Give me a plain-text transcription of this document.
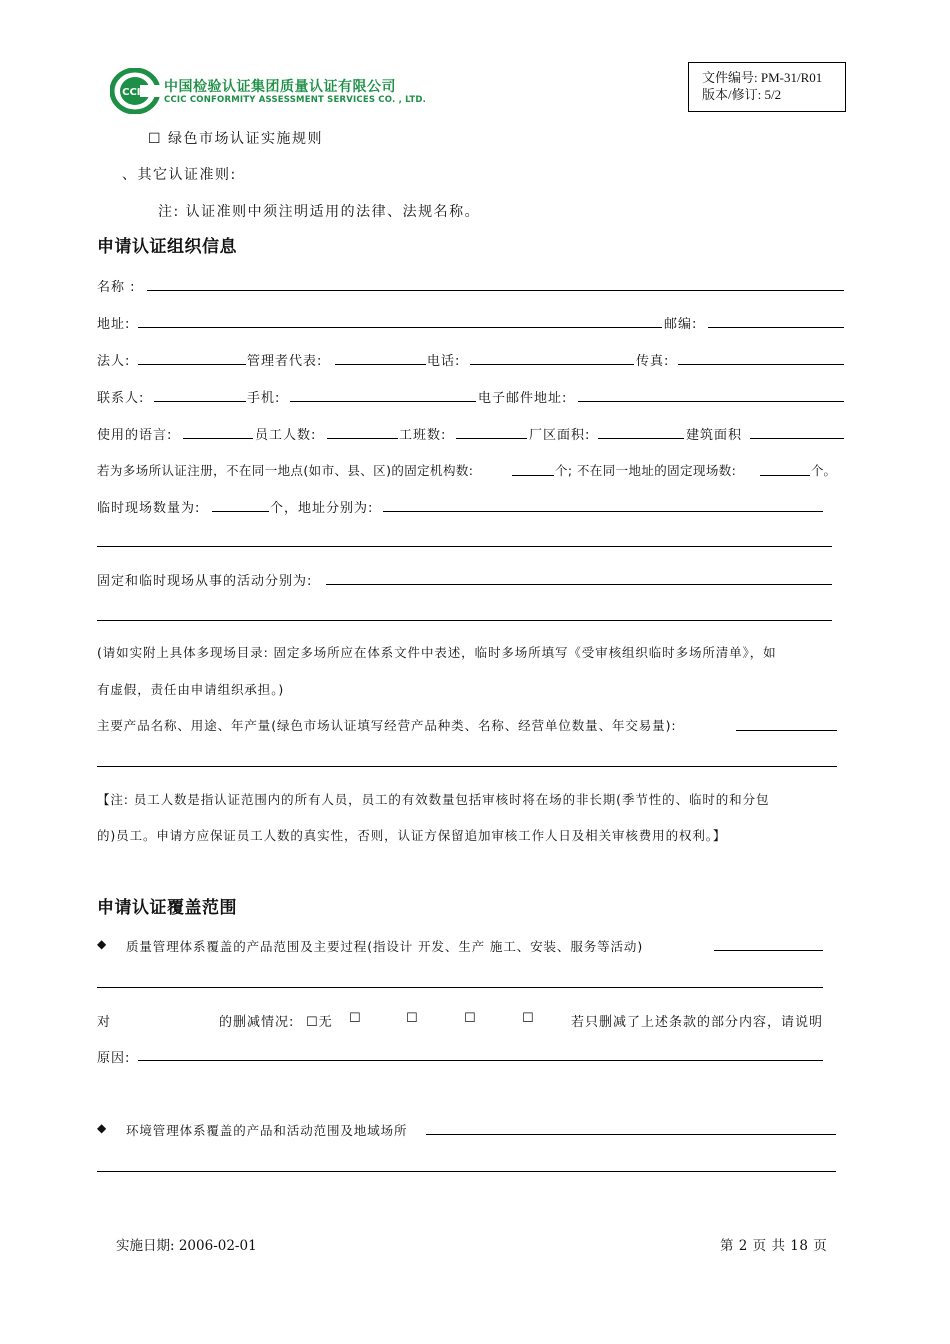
CCIC 中国检验认证集团质量认证有限公司
CCIC CONFORMITY ASSESSMENT SERVICES CO. , LTD.
文件编号: PM-31/R01
版本/修订: 5/2
☐ 绿色市场认证实施规则
、其它认证准则:
注: 认证准则中须注明适用的法律、法规名称。
申请认证组织信息
名称 :
地址:	邮编:
法人:	管理者代表:	电话:	传真:
联系人:	手机:	电子邮件地址:
使用的语言:	员工人数:	工班数:	厂区面积:	建筑面积
若为多场所认证注册，不在同一地点(如市、县、区)的固定机构数:	个; 不在同一地址的固定现场数:	个。
临时现场数量为:	个，地址分别为:
固定和临时现场从事的活动分别为:
(请如实附上具体多现场目录: 固定多场所应在体系文件中表述，临时多场所填写《受审核组织临时多场所清单》，如
有虚假，责任由申请组织承担。)
主要产品名称、用途、年产量(绿色市场认证填写经营产品种类、名称、经营单位数量、年交易量):
【注: 员工人数是指认证范围内的所有人员，员工的有效数量包括审核时将在场的非长期(季节性的、临时的和分包
的)员工。申请方应保证员工人数的真实性，否则，认证方保留追加审核工作人日及相关审核费用的权利。】
申请认证覆盖范围
◆ 质量管理体系覆盖的产品范围及主要过程(指设计 开发、生产 施工、安装、服务等活动)
对	的删减情况: ☐无 ☐	☐	☐	☐	若只删减了上述条款的部分内容，请说明
原因:
◆ 环境管理体系覆盖的产品和活动范围及地域场所
实施日期: 2006-02-01	第 2 页 共 18 页
